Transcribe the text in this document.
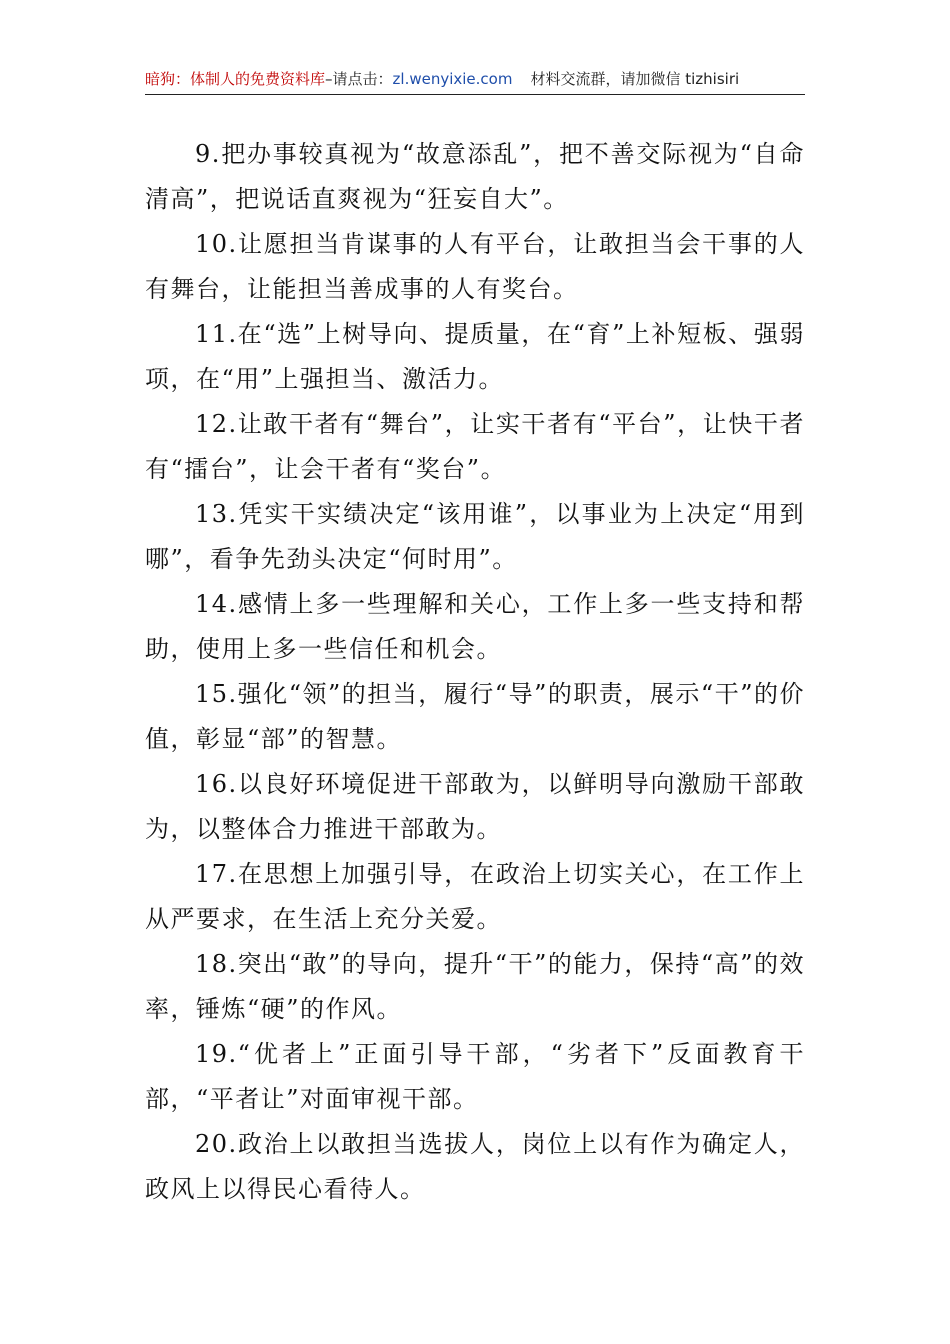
暗狗：体制人的免费资料库–请点击：zl.wenyixie.com 材料交流群，请加微信 tizhisiri

9.把办事较真视为“故意添乱”，把不善交际视为“自命清高”，把说话直爽视为“狂妄自大”。

10.让愿担当肯谋事的人有平台，让敢担当会干事的人有舞台，让能担当善成事的人有奖台。

11.在“选”上树导向、提质量，在“育”上补短板、强弱项，在“用”上强担当、激活力。

12.让敢干者有“舞台”，让实干者有“平台”，让快干者有“擂台”，让会干者有“奖台”。

13.凭实干实绩决定“该用谁”，以事业为上决定“用到哪”，看争先劲头决定“何时用”。

14.感情上多一些理解和关心，工作上多一些支持和帮助，使用上多一些信任和机会。

15.强化“领”的担当，履行“导”的职责，展示“干”的价值，彰显“部”的智慧。

16.以良好环境促进干部敢为，以鲜明导向激励干部敢为，以整体合力推进干部敢为。

17.在思想上加强引导，在政治上切实关心，在工作上从严要求，在生活上充分关爱。

18.突出“敢”的导向，提升“干”的能力，保持“高”的效率，锤炼“硬”的作风。

19.“优者上”正面引导干部，“劣者下”反面教育干部，“平者让”对面审视干部。

20.政治上以敢担当选拔人，岗位上以有作为确定人，政风上以得民心看待人。
